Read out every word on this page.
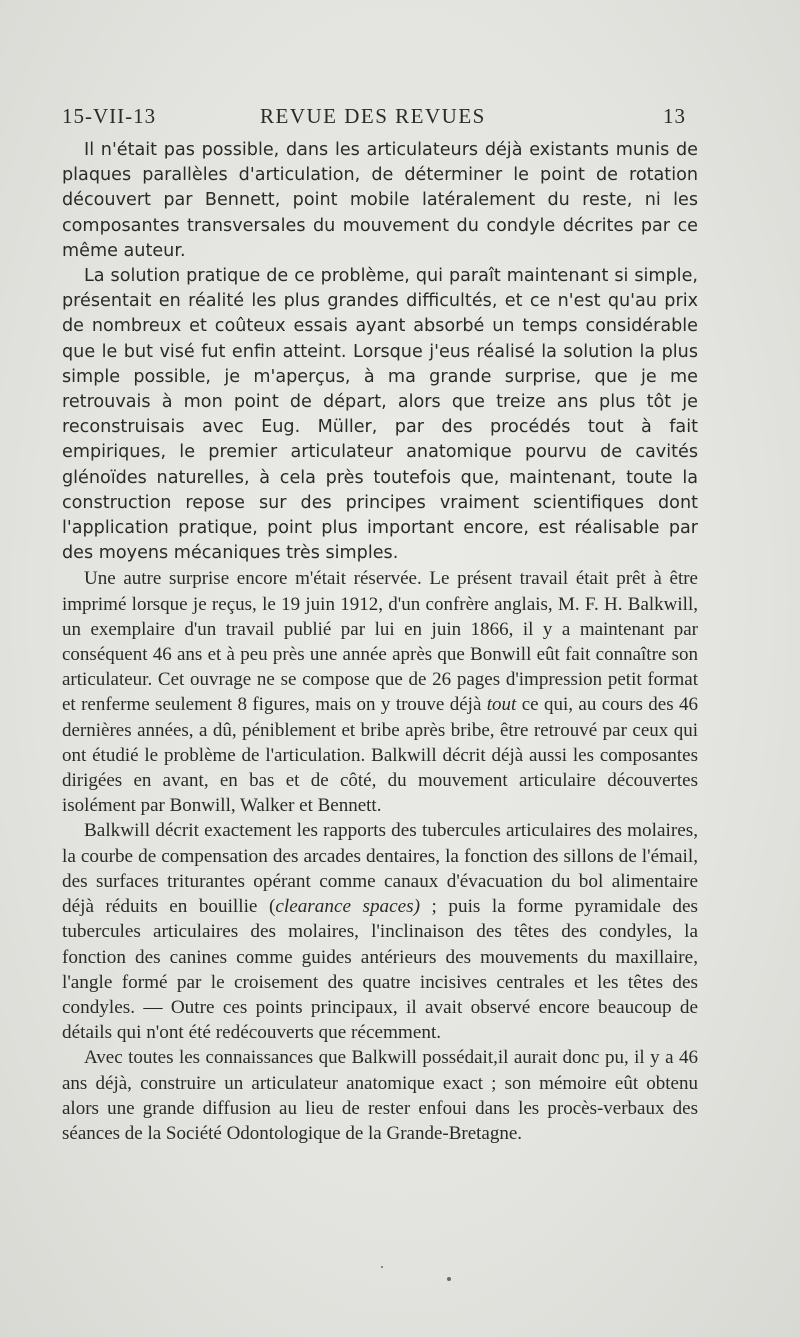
15-VII-13	REVUE DES REVUES	13

Il n'était pas possible, dans les articulateurs déjà existants munis de plaques parallèles d'articulation, de déterminer le point de rotation découvert par Bennett, point mobile latéralement du reste, ni les composantes transversales du mouvement du condyle décrites par ce même auteur.

La solution pratique de ce problème, qui paraît maintenant si simple, présentait en réalité les plus grandes difficultés, et ce n'est qu'au prix de nombreux et coûteux essais ayant absorbé un temps considérable que le but visé fut enfin atteint. Lorsque j'eus réalisé la solution la plus simple possible, je m'aperçus, à ma grande surprise, que je me retrouvais à mon point de départ, alors que treize ans plus tôt je reconstruisais avec Eug. Müller, par des procédés tout à fait empiriques, le premier articulateur anatomique pourvu de cavités glénoïdes naturelles, à cela près toutefois que, maintenant, toute la construction repose sur des principes vraiment scientifiques dont l'application pratique, point plus important encore, est réalisable par des moyens mécaniques très simples.

Une autre surprise encore m'était réservée. Le présent travail était prêt à être imprimé lorsque je reçus, le 19 juin 1912, d'un confrère anglais, M. F. H. Balkwill, un exemplaire d'un travail publié par lui en juin 1866, il y a maintenant par conséquent 46 ans et à peu près une année après que Bonwill eût fait connaître son articulateur. Cet ouvrage ne se compose que de 26 pages d'impression petit format et renferme seulement 8 figures, mais on y trouve déjà tout ce qui, au cours des 46 dernières années, a dû, péniblement et bribe après bribe, être retrouvé par ceux qui ont étudié le problème de l'articulation. Balkwill décrit déjà aussi les composantes dirigées en avant, en bas et de côté, du mouvement articulaire découvertes isolément par Bonwill, Walker et Bennett.

Balkwill décrit exactement les rapports des tubercules articulaires des molaires, la courbe de compensation des arcades dentaires, la fonction des sillons de l'émail, des surfaces triturantes opérant comme canaux d'évacuation du bol alimentaire déjà réduits en bouillie (clearance spaces) ; puis la forme pyramidale des tubercules articulaires des molaires, l'inclinaison des têtes des condyles, la fonction des canines comme guides antérieurs des mouvements du maxillaire, l'angle formé par le croisement des quatre incisives centrales et les têtes des condyles. — Outre ces points principaux, il avait observé encore beaucoup de détails qui n'ont été redécouverts que récemment.

Avec toutes les connaissances que Balkwill possédait,il aurait donc pu, il y a 46 ans déjà, construire un articulateur anatomique exact ; son mémoire eût obtenu alors une grande diffusion au lieu de rester enfoui dans les procès-verbaux des séances de la Société Odontologique de la Grande-Bretagne.
